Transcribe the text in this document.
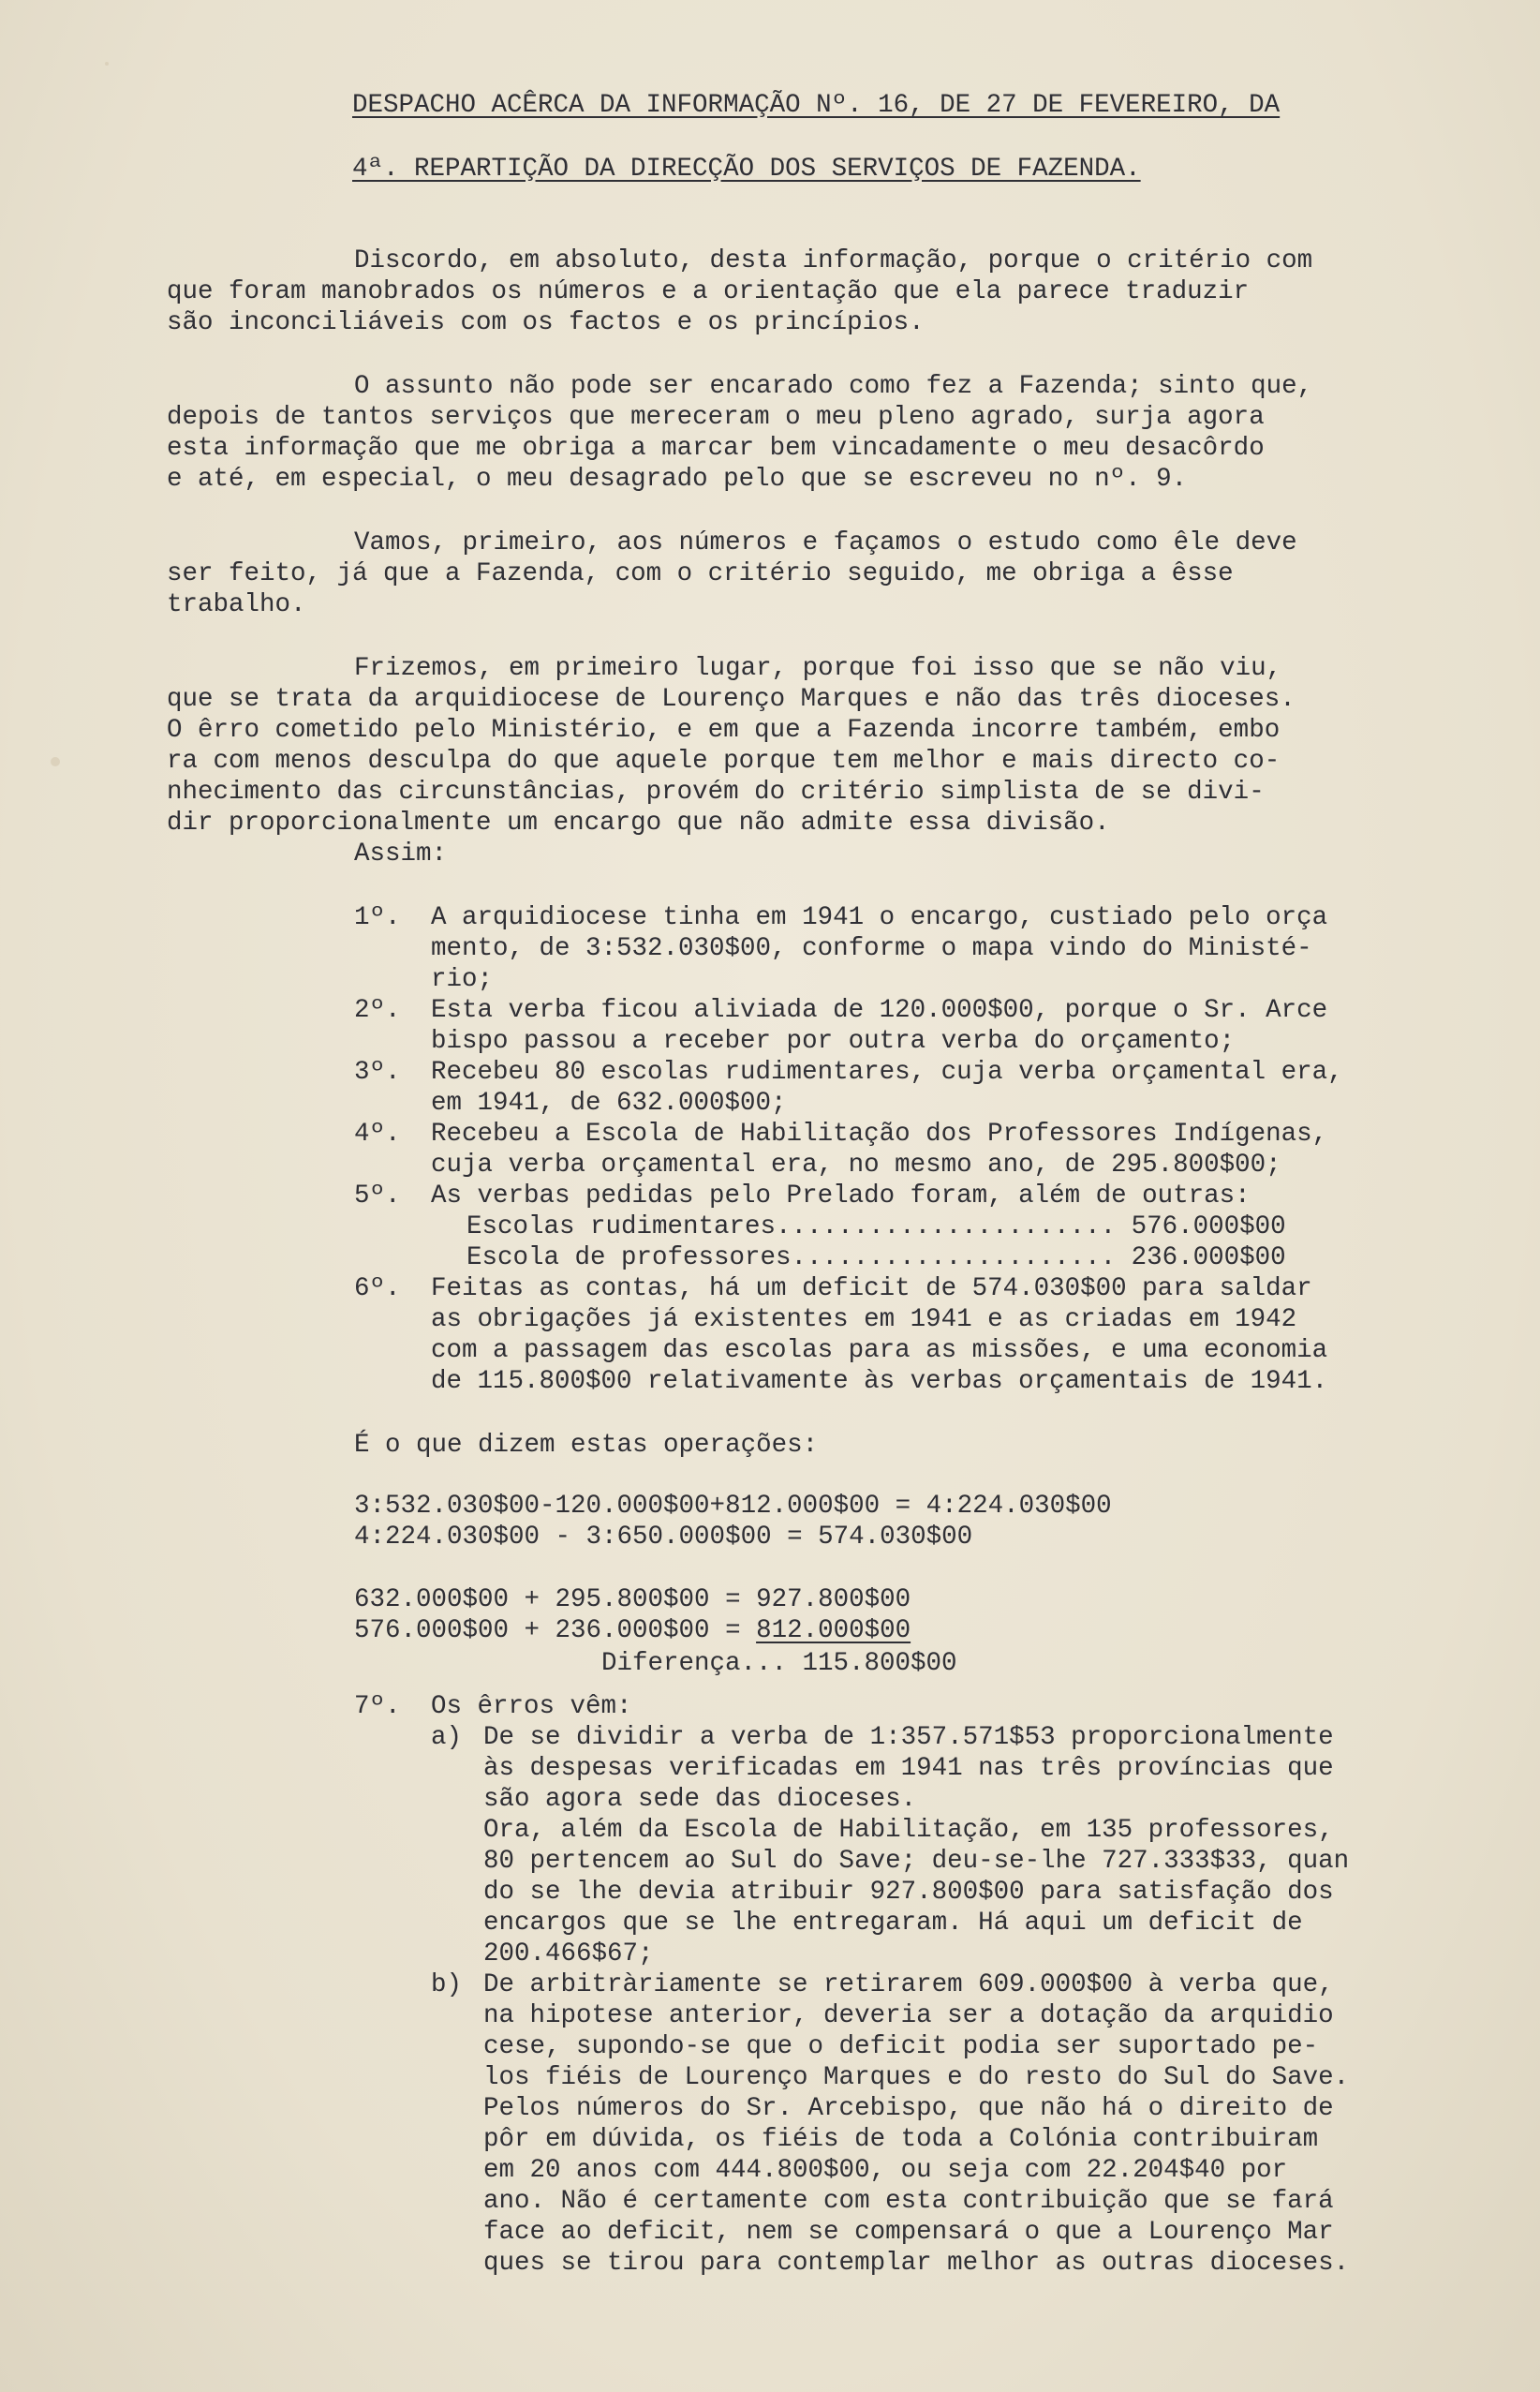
DESPACHO ACÊRCA DA INFORMAÇÃO Nº. 16, DE 27 DE FEVEREIRO, DA
4ª. REPARTIÇÃO DA DIRECÇÃO DOS SERVIÇOS DE FAZENDA.
Discordo, em absoluto, desta informação, porque o critério com
que foram manobrados os números e a orientação que ela parece traduzir
são inconciliáveis com os factos e os princípios.
O assunto não pode ser encarado como fez a Fazenda; sinto que,
depois de tantos serviços que mereceram o meu pleno agrado, surja agora
esta informação que me obriga a marcar bem vincadamente o meu desacôrdo
e até, em especial, o meu desagrado pelo que se escreveu no nº. 9.
Vamos, primeiro, aos números e façamos o estudo como êle deve
ser feito, já que a Fazenda, com o critério seguido, me obriga a êsse
trabalho.
Frizemos, em primeiro lugar, porque foi isso que se não viu,
que se trata da arquidiocese de Lourenço Marques e não das três dioceses.
O êrro cometido pelo Ministério, e em que a Fazenda incorre também, embo
ra com menos desculpa do que aquele porque tem melhor e mais directo co-
nhecimento das circunstâncias, provém do critério simplista de se divi-
dir proporcionalmente um encargo que não admite essa divisão.
Assim:
1º. A arquidiocese tinha em 1941 o encargo, custiado pelo orça
mento, de 3:532.030$00, conforme o mapa vindo do Ministé-
rio;
2º. Esta verba ficou aliviada de 120.000$00, porque o Sr. Arce
bispo passou a receber por outra verba do orçamento;
3º. Recebeu 80 escolas rudimentares, cuja verba orçamental era,
em 1941, de 632.000$00;
4º. Recebeu a Escola de Habilitação dos Professores Indígenas,
cuja verba orçamental era, no mesmo ano, de 295.800$00;
5º. As verbas pedidas pelo Prelado foram, além de outras:
Escolas rudimentares...................... 576.000$00
Escola de professores..................... 236.000$00
6º. Feitas as contas, há um deficit de 574.030$00 para saldar
as obrigações já existentes em 1941 e as criadas em 1942
com a passagem das escolas para as missões, e uma economia
de 115.800$00 relativamente às verbas orçamentais de 1941.
É o que dizem estas operações:
3:532.030$00-120.000$00+812.000$00 = 4:224.030$00
4:224.030$00 - 3:650.000$00 = 574.030$00
632.000$00 + 295.800$00 = 927.800$00
576.000$00 + 236.000$00 = 812.000$00
Diferença... 115.800$00
7º. Os êrros vêm:
a) De se dividir a verba de 1:357.571$53 proporcionalmente
às despesas verificadas em 1941 nas três províncias que
são agora sede das dioceses.
Ora, além da Escola de Habilitação, em 135 professores,
80 pertencem ao Sul do Save; deu-se-lhe 727.333$33, quan
do se lhe devia atribuir 927.800$00 para satisfação dos
encargos que se lhe entregaram. Há aqui um deficit de
200.466$67;
b) De arbitràriamente se retirarem 609.000$00 à verba que,
na hipotese anterior, deveria ser a dotação da arquidio
cese, supondo-se que o deficit podia ser suportado pe-
los fiéis de Lourenço Marques e do resto do Sul do Save.
Pelos números do Sr. Arcebispo, que não há o direito de
pôr em dúvida, os fiéis de toda a Colónia contribuiram
em 20 anos com 444.800$00, ou seja com 22.204$40 por
ano. Não é certamente com esta contribuição que se fará
face ao deficit, nem se compensará o que a Lourenço Mar
ques se tirou para contemplar melhor as outras dioceses.
